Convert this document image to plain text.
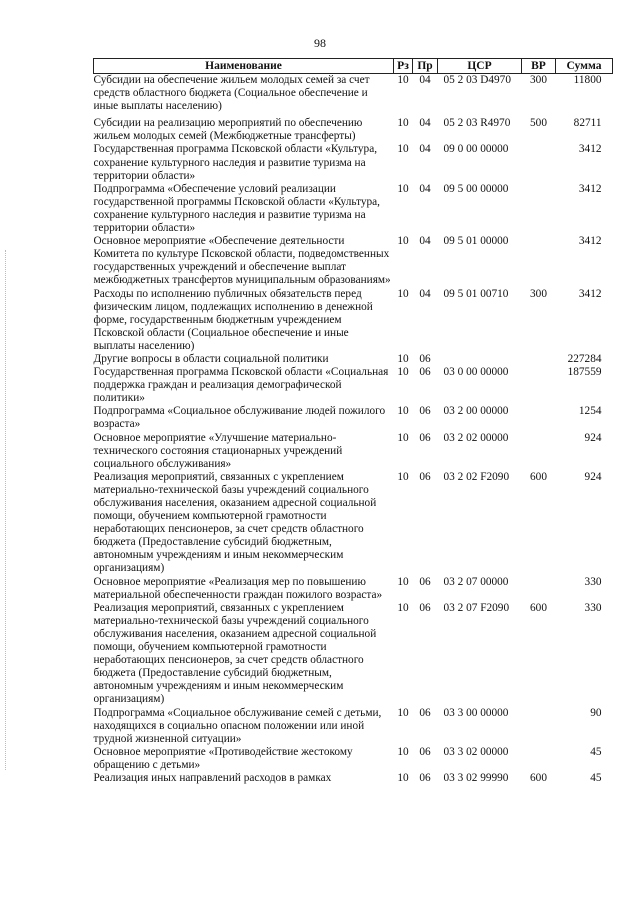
98
Наименование	Рз	Пр	ЦСР	ВР	Сумма
Субсидии на обеспечение жильем молодых семей за счет средств областного бюджета (Социальное обеспечение и иные выплаты населению)	10	04	05 2 03 D4970	300	11800
Субсидии на реализацию мероприятий по обеспечению жильем молодых семей (Межбюджетные трансферты)	10	04	05 2 03 R4970	500	82711
Государственная программа Псковской области «Культура, сохранение культурного наследия и развитие туризма на территории области»	10	04	09 0 00 00000		3412
Подпрограмма «Обеспечение условий реализации государственной программы Псковской области «Культура, сохранение культурного наследия и развитие туризма на территории области»	10	04	09 5 00 00000		3412
Основное мероприятие «Обеспечение деятельности Комитета по культуре Псковской области, подведомственных государственных учреждений и обеспечение выплат межбюджетных трансфертов муниципальным образованиям»	10	04	09 5 01 00000		3412
Расходы по исполнению публичных обязательств перед физическим лицом, подлежащих исполнению в денежной форме, государственным бюджетным учреждением Псковской области (Социальное обеспечение и иные выплаты населению)	10	04	09 5 01 00710	300	3412
Другие вопросы в области социальной политики	10	06			227284
Государственная программа Псковской области «Социальная поддержка граждан и реализация демографической политики»	10	06	03 0 00 00000		187559
Подпрограмма «Социальное обслуживание людей пожилого возраста»	10	06	03 2 00 00000		1254
Основное мероприятие «Улучшение материально-технического состояния стационарных учреждений социального обслуживания»	10	06	03 2 02 00000		924
Реализация мероприятий, связанных с укреплением материально-технической базы учреждений социального обслуживания населения, оказанием адресной социальной помощи, обучением компьютерной грамотности неработающих пенсионеров, за счет средств областного бюджета (Предоставление субсидий бюджетным, автономным учреждениям и иным некоммерческим организациям)	10	06	03 2 02 F2090	600	924
Основное мероприятие «Реализация мер по повышению материальной обеспеченности граждан пожилого возраста»	10	06	03 2 07 00000		330
Реализация мероприятий, связанных с укреплением материально-технической базы учреждений социального обслуживания населения, оказанием адресной социальной помощи, обучением компьютерной грамотности неработающих пенсионеров, за счет средств областного бюджета (Предоставление субсидий бюджетным, автономным учреждениям и иным некоммерческим организациям)	10	06	03 2 07 F2090	600	330
Подпрограмма «Социальное обслуживание семей с детьми, находящихся в социально опасном положении или иной трудной жизненной ситуации»	10	06	03 3 00 00000		90
Основное мероприятие «Противодействие жестокому обращению с детьми»	10	06	03 3 02 00000		45
Реализация иных направлений расходов в рамках	10	06	03 3 02 99990	600	45
